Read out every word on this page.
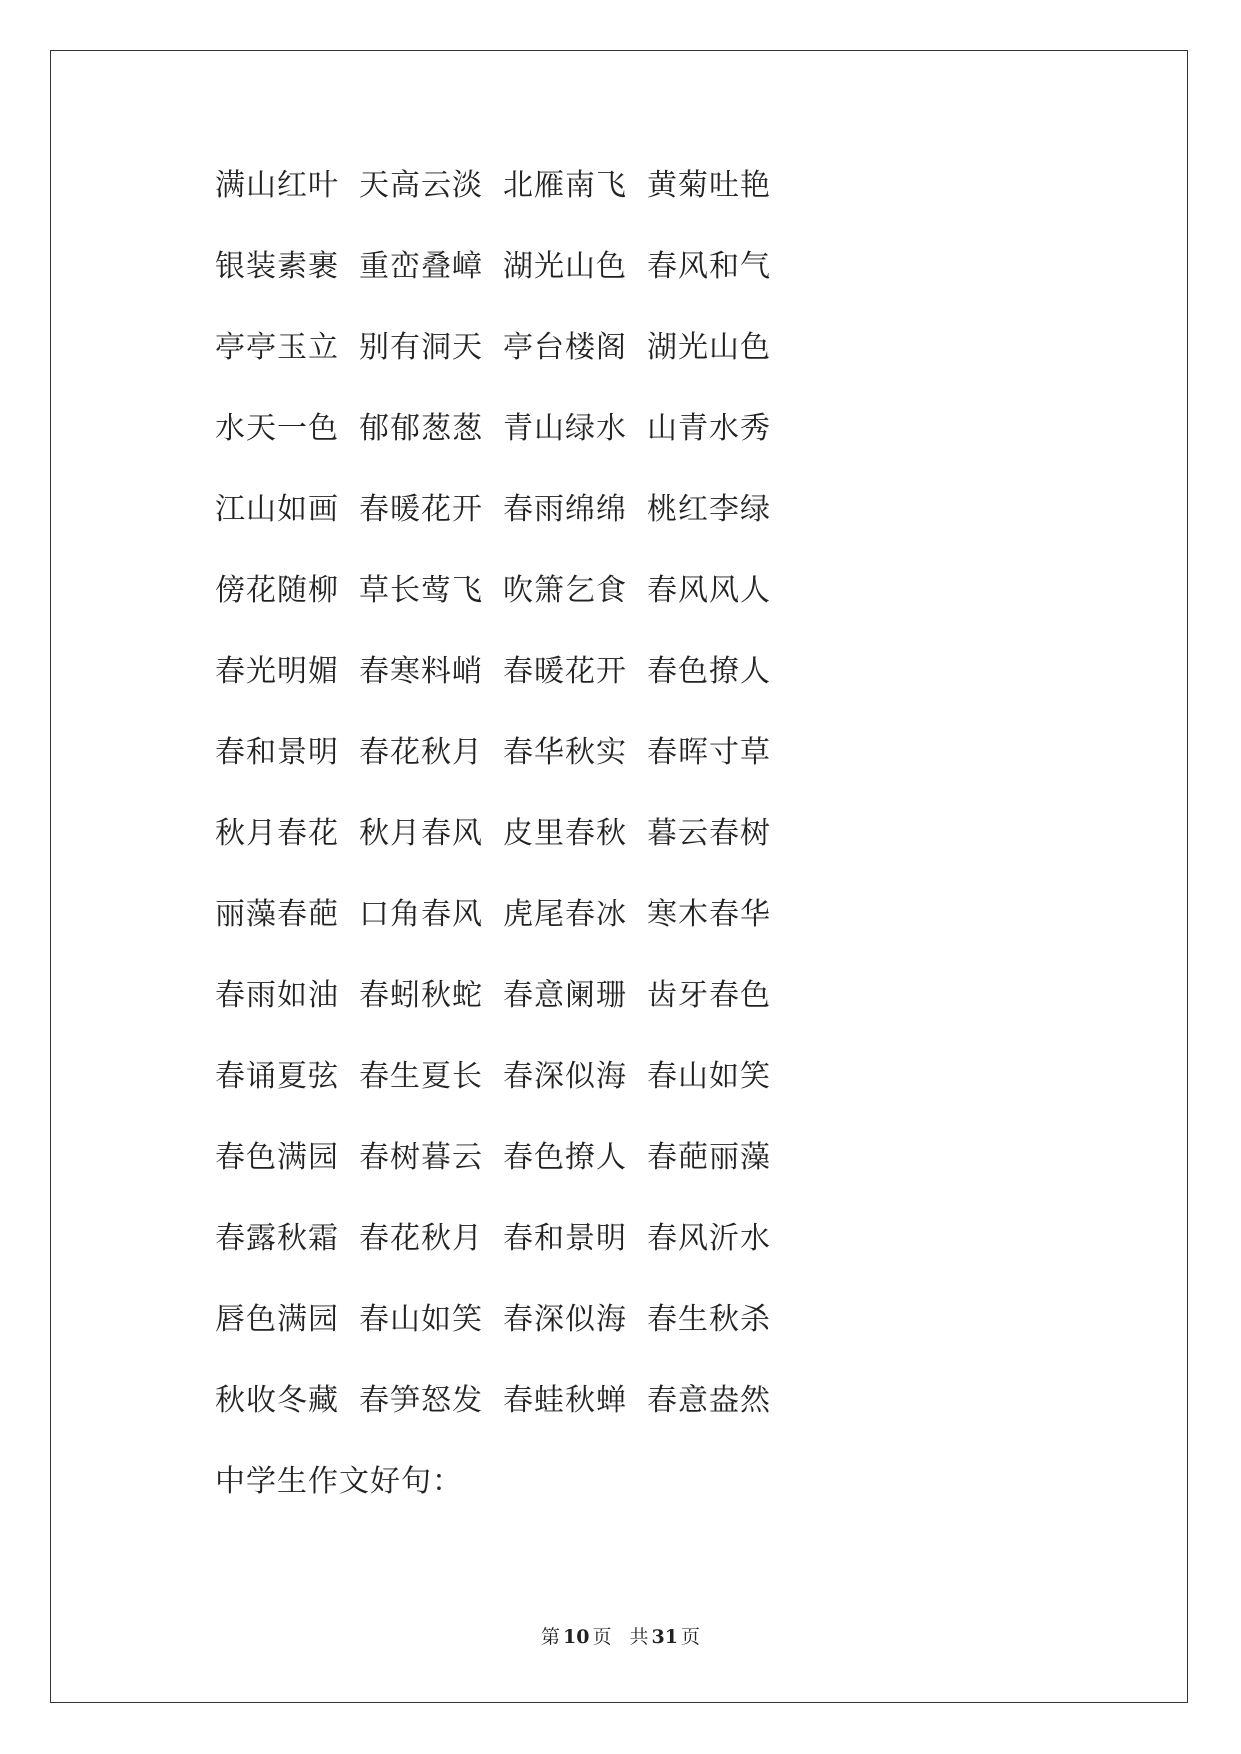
满山红叶 天高云淡 北雁南飞 黄菊吐艳
银装素裹 重峦叠嶂 湖光山色 春风和气
亭亭玉立 别有洞天 亭台楼阁 湖光山色
水天一色 郁郁葱葱 青山绿水 山青水秀
江山如画 春暖花开 春雨绵绵 桃红李绿
傍花随柳 草长莺飞 吹箫乞食 春风风人
春光明媚 春寒料峭 春暖花开 春色撩人
春和景明 春花秋月 春华秋实 春晖寸草
秋月春花 秋月春风 皮里春秋 暮云春树
丽藻春葩 口角春风 虎尾春冰 寒木春华
春雨如油 春蚓秋蛇 春意阑珊 齿牙春色
春诵夏弦 春生夏长 春深似海 春山如笑
春色满园 春树暮云 春色撩人 春葩丽藻
春露秋霜 春花秋月 春和景明 春风沂水
唇色满园 春山如笑 春深似海 春生秋杀
秋收冬藏 春笋怒发 春蛙秋蝉 春意盎然
中学生作文好句：
第 10 页 共 31 页
